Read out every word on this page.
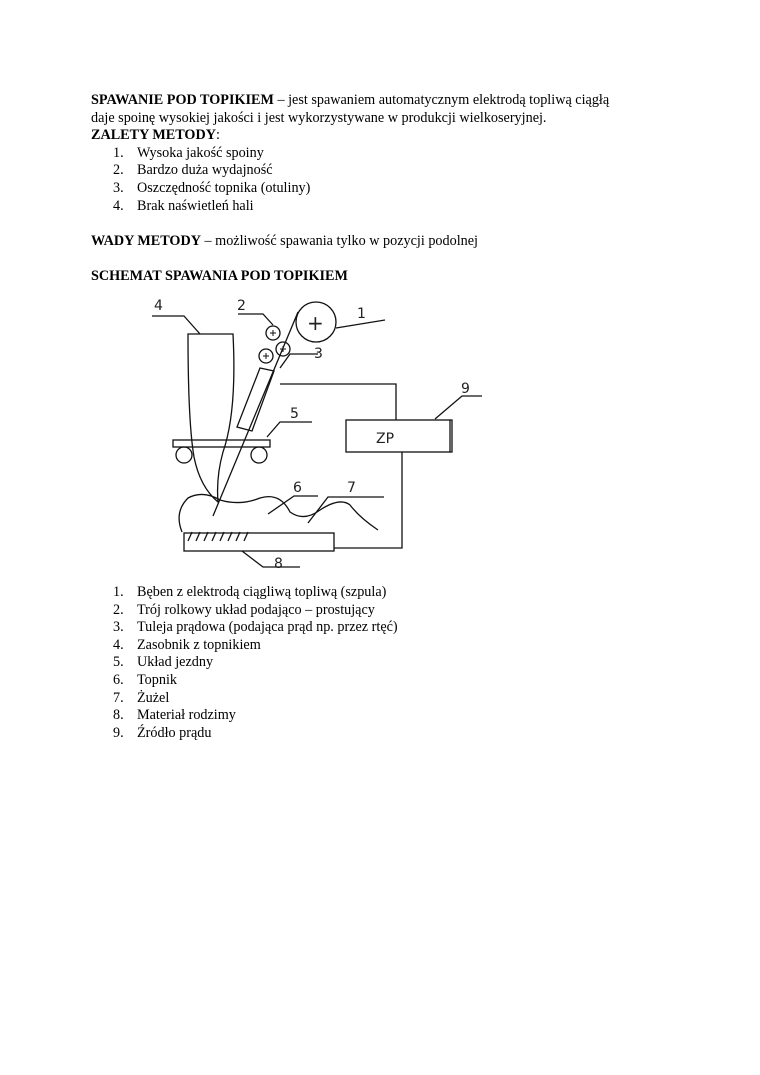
SPAWANIE POD TOPIKIEM – jest spawaniem automatycznym elektrodą topliwą ciągłą
daje spoinę wysokiej jakości i jest wykorzystywane w produkcji wielkoseryjnej.
ZALETY METODY:
1. Wysoka jakość spoiny
2. Bardzo duża wydajność
3. Oszczędność topnika (otuliny)
4. Brak naświetleń hali
WADY METODY – możliwość spawania tylko w pozycji podolnej
SCHEMAT SPAWANIA POD TOPIKIEM
+ 1
2
3
4
5
6	7
8
9
ZP
1. Bęben z elektrodą ciągliwą topliwą (szpula)
2. Trój rolkowy układ podająco – prostujący
3. Tuleja prądowa (podająca prąd np. przez rtęć)
4. Zasobnik z topnikiem
5. Układ jezdny
6. Topnik
7. Żużel
8. Materiał rodzimy
9. Źródło prądu
